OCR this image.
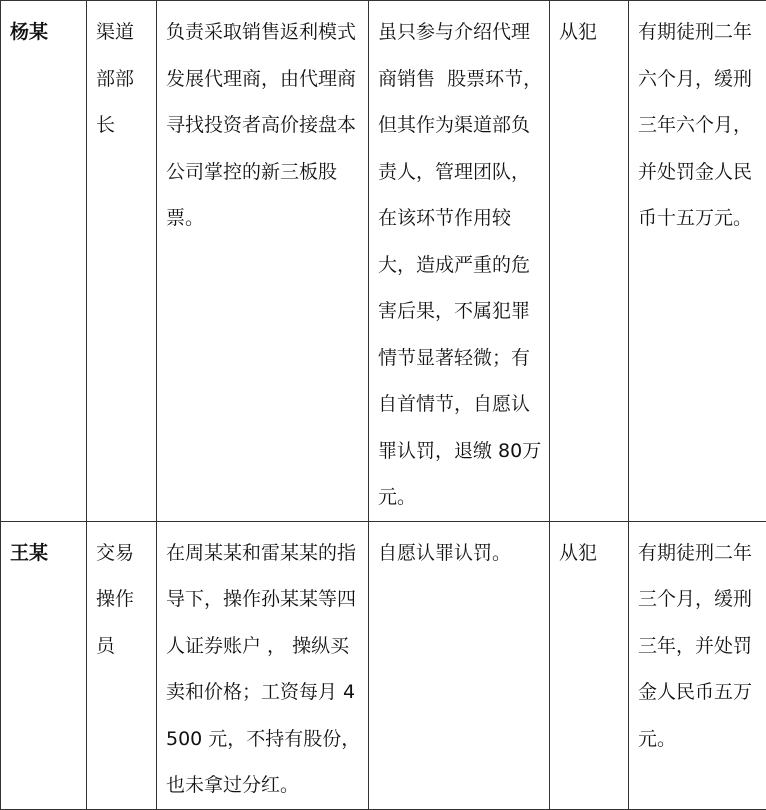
杨某	渠道部部长	负责采取销售返利模式发展代理商，由代理商寻找投资者高价接盘本公司掌控的新三板股票。	虽只参与介绍代理商销售  股票环节，但其作为渠道部负责人，管理团队，在该环节作用较大，造成严重的危害后果，不属犯罪情节显著轻微；有自首情节，自愿认罪认罚，退缴 80万元。	从犯	有期徒刑二年六个月，缓刑三年六个月，并处罚金人民币十五万元。
王某	交易操作员	在周某某和雷某某的指导下，操作孙某某等四人证券账户 ， 操纵买卖和价格；工资每月 4500 元，不持有股份，也未拿过分红。	自愿认罪认罚。	从犯	有期徒刑二年三个月，缓刑三年，并处罚金人民币五万元。
